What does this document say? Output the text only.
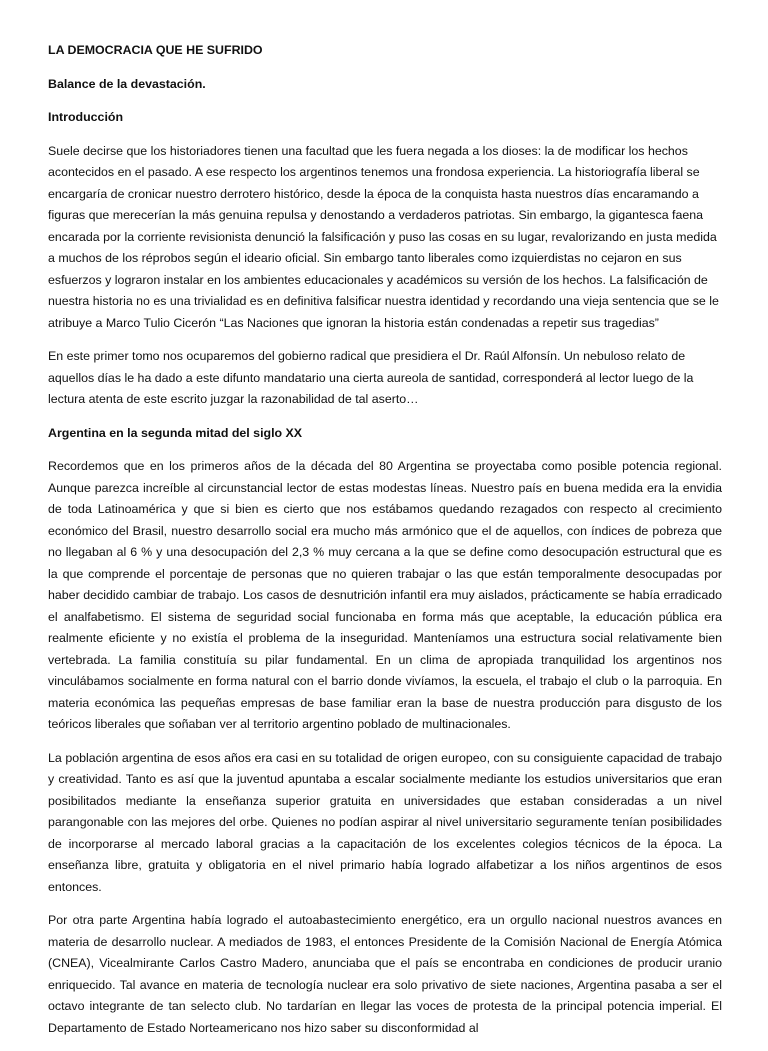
LA DEMOCRACIA QUE HE SUFRIDO

Balance de la devastación.

Introducción

Suele decirse que los historiadores tienen una facultad que les fuera negada a los dioses: la de modificar los hechos acontecidos en el pasado. A ese respecto los argentinos tenemos una frondosa experiencia. La historiografía liberal se encargaría de cronicar nuestro derrotero histórico, desde la época de la conquista hasta nuestros días encaramando a figuras que merecerían la más genuina repulsa y denostando a verdaderos patriotas. Sin embargo, la gigantesca faena encarada por la corriente revisionista denunció la falsificación y puso las cosas en su lugar, revalorizando en justa medida a muchos de los réprobos según el ideario oficial. Sin embargo tanto liberales como izquierdistas no cejaron en sus esfuerzos y lograron instalar en los ambientes educacionales y académicos su versión de los hechos. La falsificación de nuestra historia no es una trivialidad es en definitiva falsificar nuestra identidad y recordando una vieja sentencia que se le atribuye a Marco Tulio Cicerón “Las Naciones que ignoran la historia están condenadas a repetir sus tragedias”

En este primer tomo nos ocuparemos del gobierno radical que presidiera el Dr. Raúl Alfonsín. Un nebuloso relato de aquellos días le ha dado a este difunto mandatario una cierta aureola de santidad, corresponderá al lector luego de la lectura atenta de este escrito juzgar la razonabilidad de tal aserto…

Argentina en la segunda mitad del siglo XX

Recordemos que en los primeros años de la década del 80 Argentina se proyectaba como posible potencia regional. Aunque parezca increíble al circunstancial lector de estas modestas líneas. Nuestro país en buena medida era la envidia de toda Latinoamérica y que si bien es cierto que nos estábamos quedando rezagados con respecto al crecimiento económico del Brasil, nuestro desarrollo social era mucho más armónico que el de aquellos, con índices de pobreza que no llegaban al 6 % y una desocupación del 2,3 % muy cercana a la que se define como desocupación estructural que es la que comprende el porcentaje de personas que no quieren trabajar o las que están temporalmente desocupadas por haber decidido cambiar de trabajo. Los casos de desnutrición infantil era muy aislados, prácticamente se había erradicado el analfabetismo. El sistema de seguridad social funcionaba en forma más que aceptable, la educación pública era realmente eficiente y no existía el problema de la inseguridad. Manteníamos una estructura social relativamente bien vertebrada. La familia constituía su pilar fundamental. En un clima de apropiada tranquilidad los argentinos nos vinculábamos socialmente en forma natural con el barrio donde vivíamos, la escuela, el trabajo el club o la parroquia. En materia económica las pequeñas empresas de base familiar eran la base de nuestra producción para disgusto de los teóricos liberales que soñaban ver al territorio argentino poblado de multinacionales.

La población argentina de esos años era casi en su totalidad de origen europeo, con su consiguiente capacidad de trabajo y creatividad. Tanto es así que la juventud apuntaba a escalar socialmente mediante los estudios universitarios que eran posibilitados mediante la enseñanza superior gratuita en universidades que estaban consideradas a un nivel parangonable con las mejores del orbe. Quienes no podían aspirar al nivel universitario seguramente tenían posibilidades de incorporarse al mercado laboral gracias a la capacitación de los excelentes colegios técnicos de la época. La enseñanza libre, gratuita y obligatoria en el nivel primario había logrado alfabetizar a los niños argentinos de esos entonces.

Por otra parte Argentina había logrado el autoabastecimiento energético, era un orgullo nacional nuestros avances en materia de desarrollo nuclear. A mediados de 1983, el entonces Presidente de la Comisión Nacional de Energía Atómica (CNEA), Vicealmirante Carlos Castro Madero, anunciaba que el país se encontraba en condiciones de producir uranio enriquecido. Tal avance en materia de tecnología nuclear era solo privativo de siete naciones, Argentina pasaba a ser el octavo integrante de tan selecto club. No tardarían en llegar las voces de protesta de la principal potencia imperial. El Departamento de Estado Norteamericano nos hizo saber su disconformidad al
